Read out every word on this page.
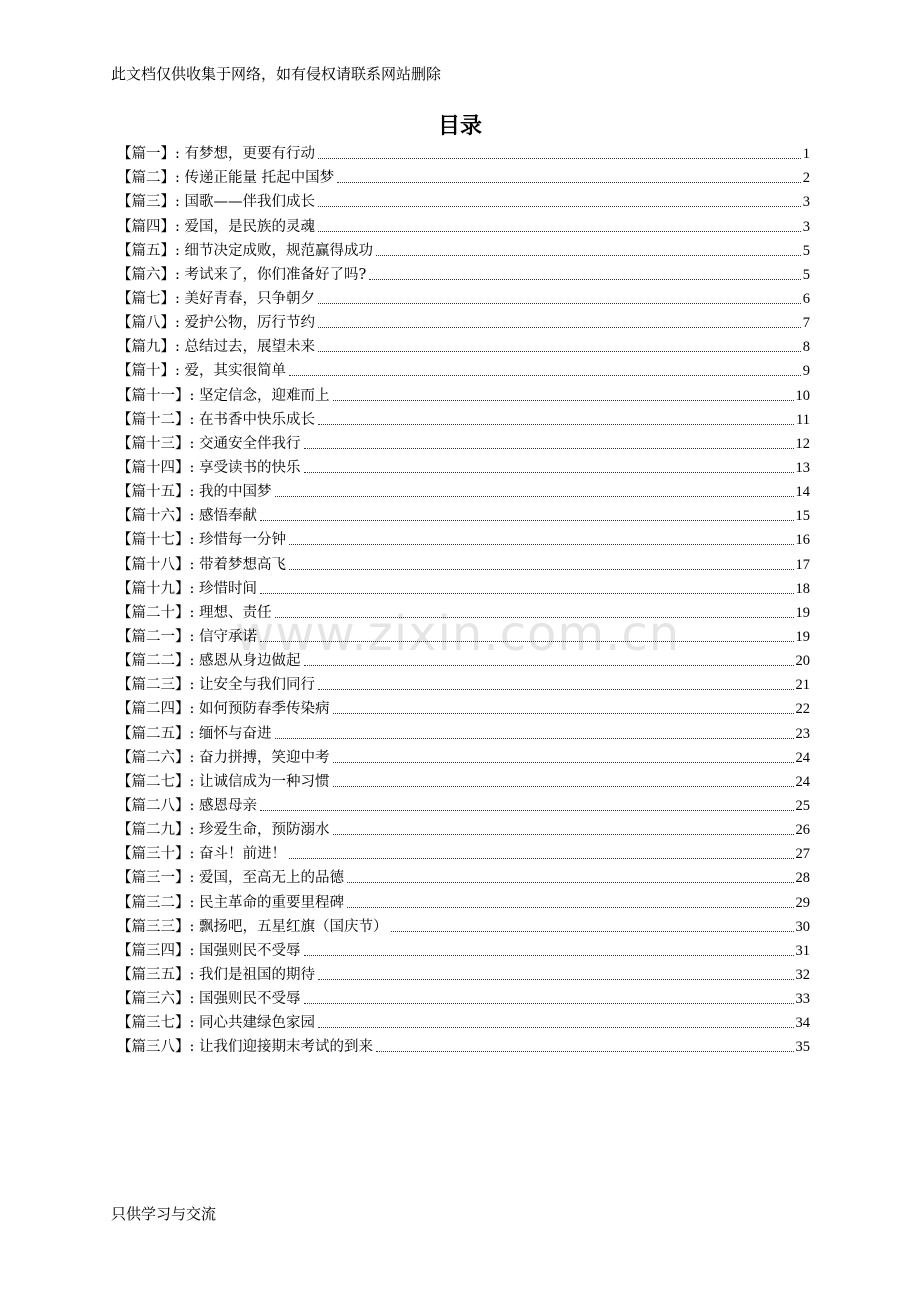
此文档仅供收集于网络，如有侵权请联系网站删除
目录
【篇一】: 有梦想，更要有行动	1
【篇二】: 传递正能量 托起中国梦	2
【篇三】: 国歌——伴我们成长	3
【篇四】: 爱国，是民族的灵魂	3
【篇五】: 细节决定成败，规范赢得成功	5
【篇六】: 考试来了，你们准备好了吗?	5
【篇七】: 美好青春，只争朝夕	6
【篇八】: 爱护公物，厉行节约	7
【篇九】: 总结过去，展望未来	8
【篇十】: 爱，其实很简单	9
【篇十一】: 坚定信念，迎难而上	10
【篇十二】: 在书香中快乐成长	11
【篇十三】: 交通安全伴我行	12
【篇十四】: 享受读书的快乐	13
【篇十五】: 我的中国梦	14
【篇十六】: 感悟奉献	15
【篇十七】: 珍惜每一分钟	16
【篇十八】: 带着梦想高飞	17
【篇十九】: 珍惜时间	18
【篇二十】: 理想、责任	19
【篇二一】: 信守承诺	19
【篇二二】: 感恩从身边做起	20
【篇二三】: 让安全与我们同行	21
【篇二四】: 如何预防春季传染病	22
【篇二五】: 缅怀与奋进	23
【篇二六】: 奋力拼搏，笑迎中考	24
【篇二七】: 让诚信成为一种习惯	24
【篇二八】: 感恩母亲	25
【篇二九】: 珍爱生命，预防溺水	26
【篇三十】: 奋斗！前进！	27
【篇三一】: 爱国，至高无上的品德	28
【篇三二】: 民主革命的重要里程碑	29
【篇三三】: 飘扬吧，五星红旗（国庆节）	30
【篇三四】: 国强则民不受辱	31
【篇三五】: 我们是祖国的期待	32
【篇三六】: 国强则民不受辱	33
【篇三七】: 同心共建绿色家园	34
【篇三八】: 让我们迎接期末考试的到来	35
www.zixin.com.cn
只供学习与交流
